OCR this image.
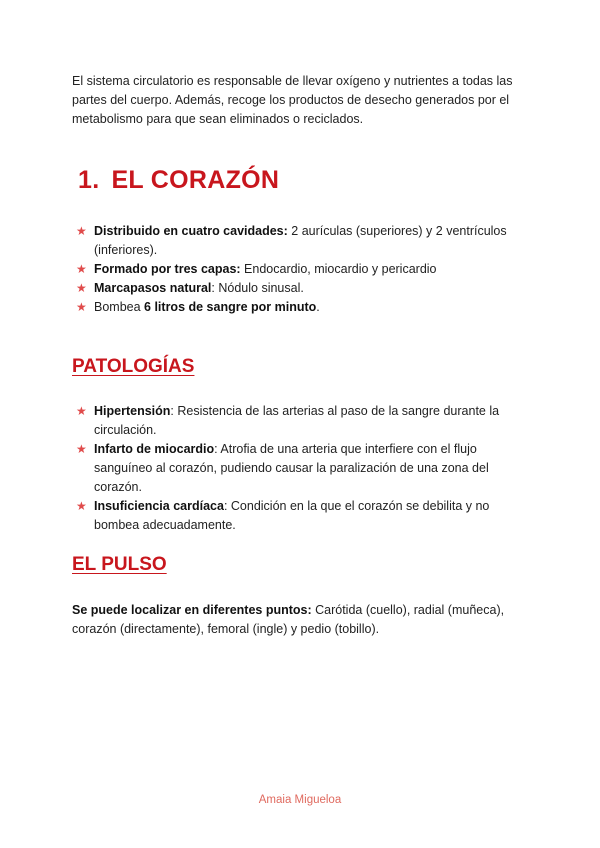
El sistema circulatorio es responsable de llevar oxígeno y nutrientes a todas las partes del cuerpo. Además, recoge los productos de desecho generados por el metabolismo para que sean eliminados o reciclados.

1. EL CORAZÓN
★ Distribuido en cuatro cavidades: 2 aurículas (superiores) y 2 ventrículos (inferiores).
★ Formado por tres capas: Endocardio, miocardio y pericardio
★ Marcapasos natural: Nódulo sinusal.
★ Bombea 6 litros de sangre por minuto.
PATOLOGÍAS
★ Hipertensión: Resistencia de las arterias al paso de la sangre durante la circulación.
★ Infarto de miocardio: Atrofia de una arteria que interfiere con el flujo sanguíneo al corazón, pudiendo causar la paralización de una zona del corazón.
★ Insuficiencia cardíaca: Condición en la que el corazón se debilita y no bombea adecuadamente.
EL PULSO

Se puede localizar en diferentes puntos: Carótida (cuello), radial (muñeca), corazón (directamente), femoral (ingle) y pedio (tobillo).

Amaia Migueloa
